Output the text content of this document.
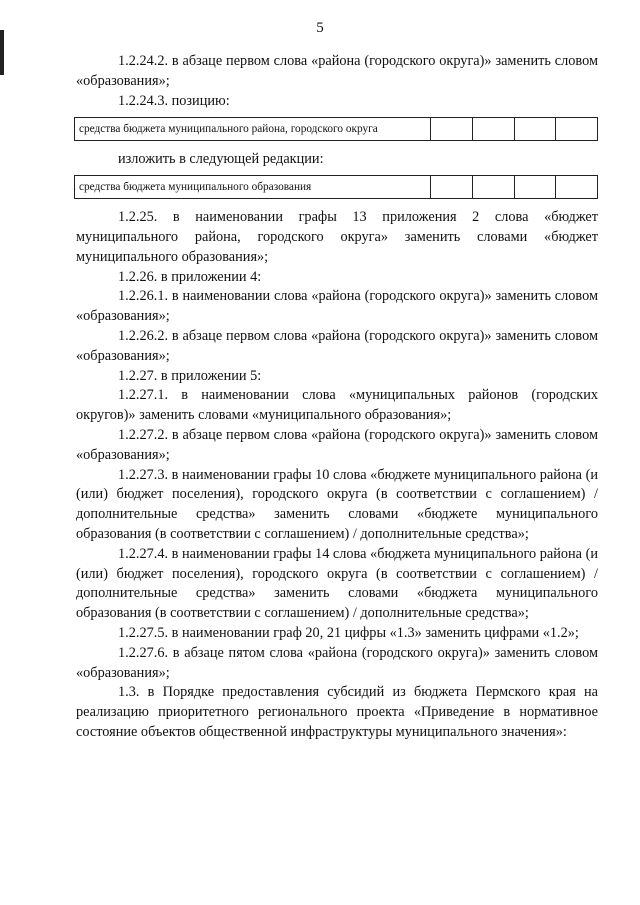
5

1.2.24.2. в абзаце первом слова «района (городского округа)» заменить словом «образования»;

1.2.24.3. позицию:

средства бюджета муниципального района, городского округа				

изложить в следующей редакции:

средства бюджета муниципального образования				

1.2.25. в наименовании графы 13 приложения 2 слова «бюджет муниципального района, городского округа» заменить словами «бюджет муниципального образования»;

1.2.26. в приложении 4:

1.2.26.1. в наименовании слова «района (городского округа)» заменить словом «образования»;

1.2.26.2. в абзаце первом слова «района (городского округа)» заменить словом «образования»;

1.2.27. в приложении 5:

1.2.27.1. в наименовании слова «муниципальных районов (городских округов)» заменить словами «муниципального образования»;

1.2.27.2. в абзаце первом слова «района (городского округа)» заменить словом «образования»;

1.2.27.3. в наименовании графы 10 слова «бюджете муниципального района (и (или) бюджет поселения), городского округа (в соответствии с соглашением) / дополнительные средства» заменить словами «бюджете муниципального образования (в соответствии с соглашением) / дополнительные средства»;

1.2.27.4. в наименовании графы 14 слова «бюджета муниципального района (и (или) бюджет поселения), городского округа (в соответствии с соглашением) / дополнительные средства» заменить словами «бюджета муниципального образования (в соответствии с соглашением) / дополнительные средства»;

1.2.27.5. в наименовании граф 20, 21 цифры «1.3» заменить цифрами «1.2»;

1.2.27.6. в абзаце пятом слова «района (городского округа)» заменить словом «образования»;

1.3. в Порядке предоставления субсидий из бюджета Пермского края на реализацию приоритетного регионального проекта «Приведение в нормативное состояние объектов общественной инфраструктуры муниципального значения»:
